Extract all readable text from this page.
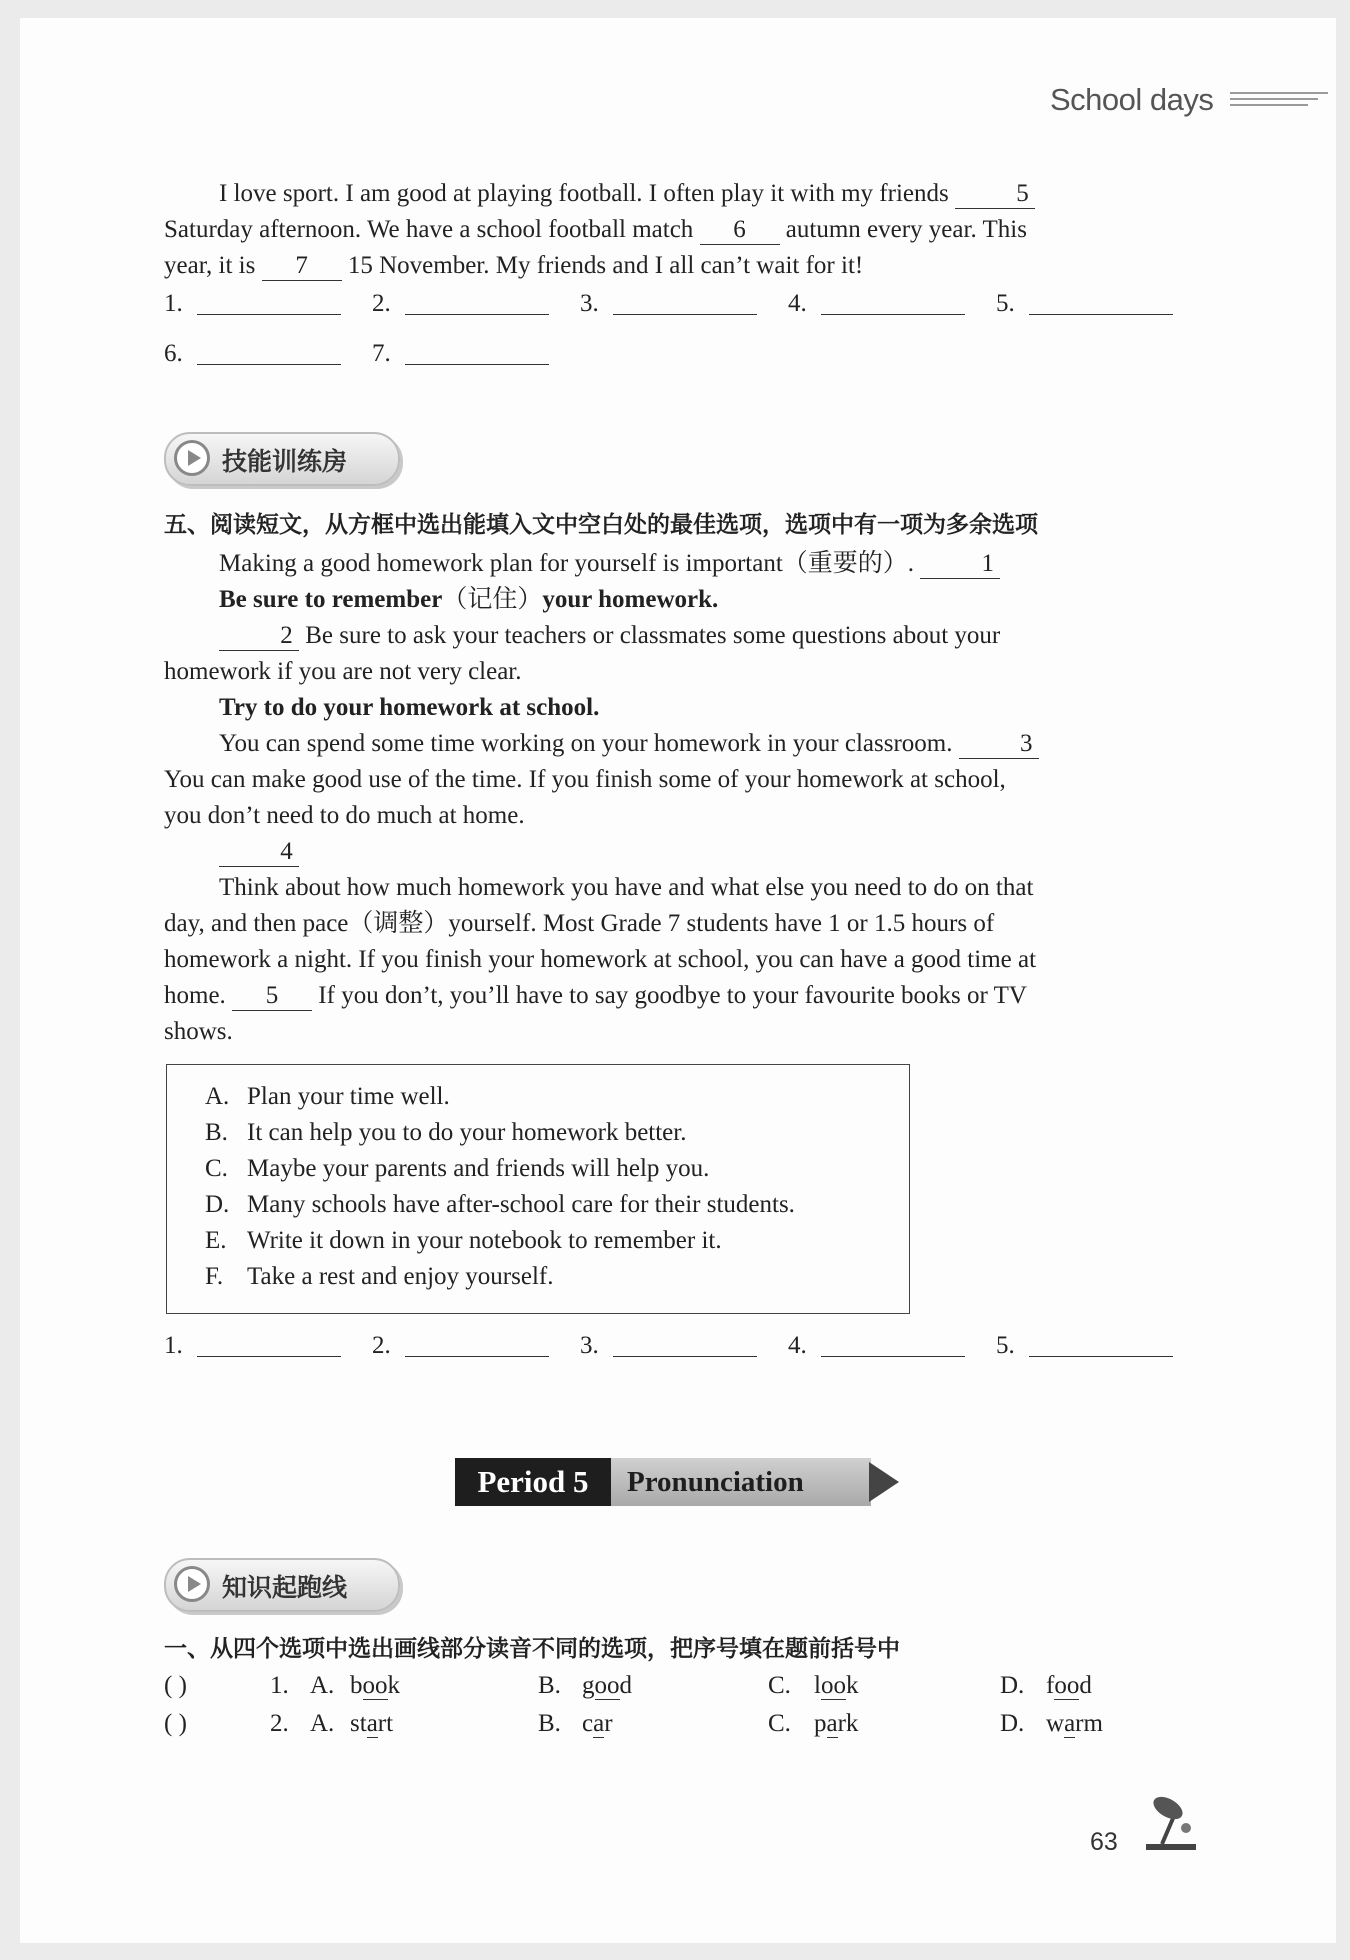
School days
I love sport. I am good at playing football. I often play it with my friends 5
Saturday afternoon. We have a school football match 6 autumn every year. This
year, it is 7 15 November. My friends and I all can’t wait for it!
1.	2.	3.	4.	5.
6.	7.
技能训练房
五、阅读短文，从方框中选出能填入文中空白处的最佳选项，选项中有一项为多余选项
Making a good homework plan for yourself is important（重要的）.	1
Be sure to remember（记住）your homework.
2 Be sure to ask your teachers or classmates some questions about your
homework if you are not very clear.
Try to do your homework at school.
You can spend some time working on your homework in your classroom.	3
You can make good use of the time. If you finish some of your homework at school,
you don’t need to do much at home.
4
Think about how much homework you have and what else you need to do on that
day, and then pace（调整）yourself. Most Grade 7 students have 1 or 1.5 hours of
homework a night. If you finish your homework at school, you can have a good time at
home. 5 If you don’t, you’ll have to say goodbye to your favourite books or TV
shows.
A. Plan your time well.
B. It can help you to do your homework better.
C. Maybe your parents and friends will help you.
D. Many schools have after-school care for their students.
E. Write it down in your notebook to remember it.
F. Take a rest and enjoy yourself.
1.	2.	3.	4.	5.
Period 5	Pronunciation
知识起跑线
一、从四个选项中选出画线部分读音不同的选项，把序号填在题前括号中
( )	1. A. book	B. good	C. look	D. food
( )	2. A. start	B. car	C. park	D. warm
63
